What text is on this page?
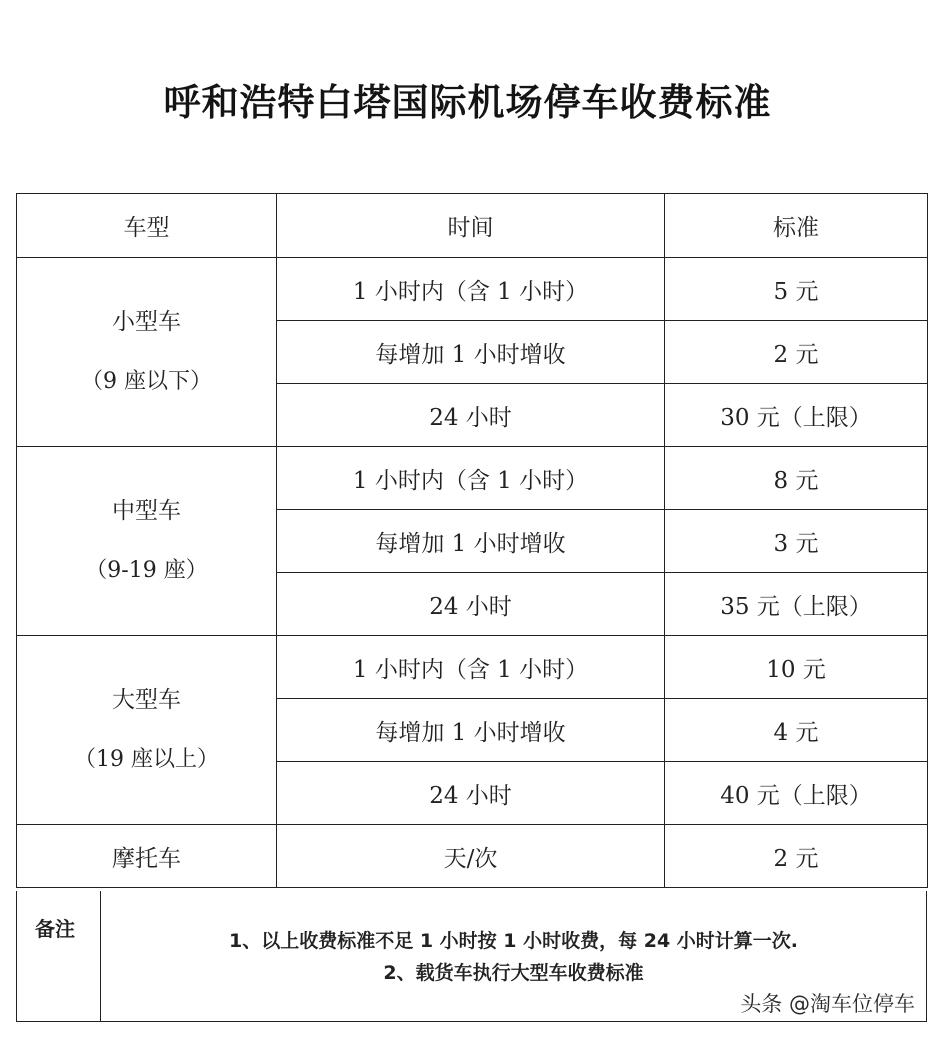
呼和浩特白塔国际机场停车收费标准
车型	时间	标准

小型车
（9 座以下）	1 小时内（含 1 小时）	5 元
	每增加 1 小时增收	2 元
	24 小时	30 元（上限）

中型车
（9-19 座）	1 小时内（含 1 小时）	8 元
	每增加 1 小时增收	3 元
	24 小时	35 元（上限）

大型车
（19 座以上）	1 小时内（含 1 小时）	10 元
	每增加 1 小时增收	4 元
	24 小时	40 元（上限）
摩托车	天/次	2 元
备注	1、以上收费标准不足 1 小时按 1 小时收费，每 24 小时计算一次.
2、载货车执行大型车收费标准
头条 @淘车位停车
